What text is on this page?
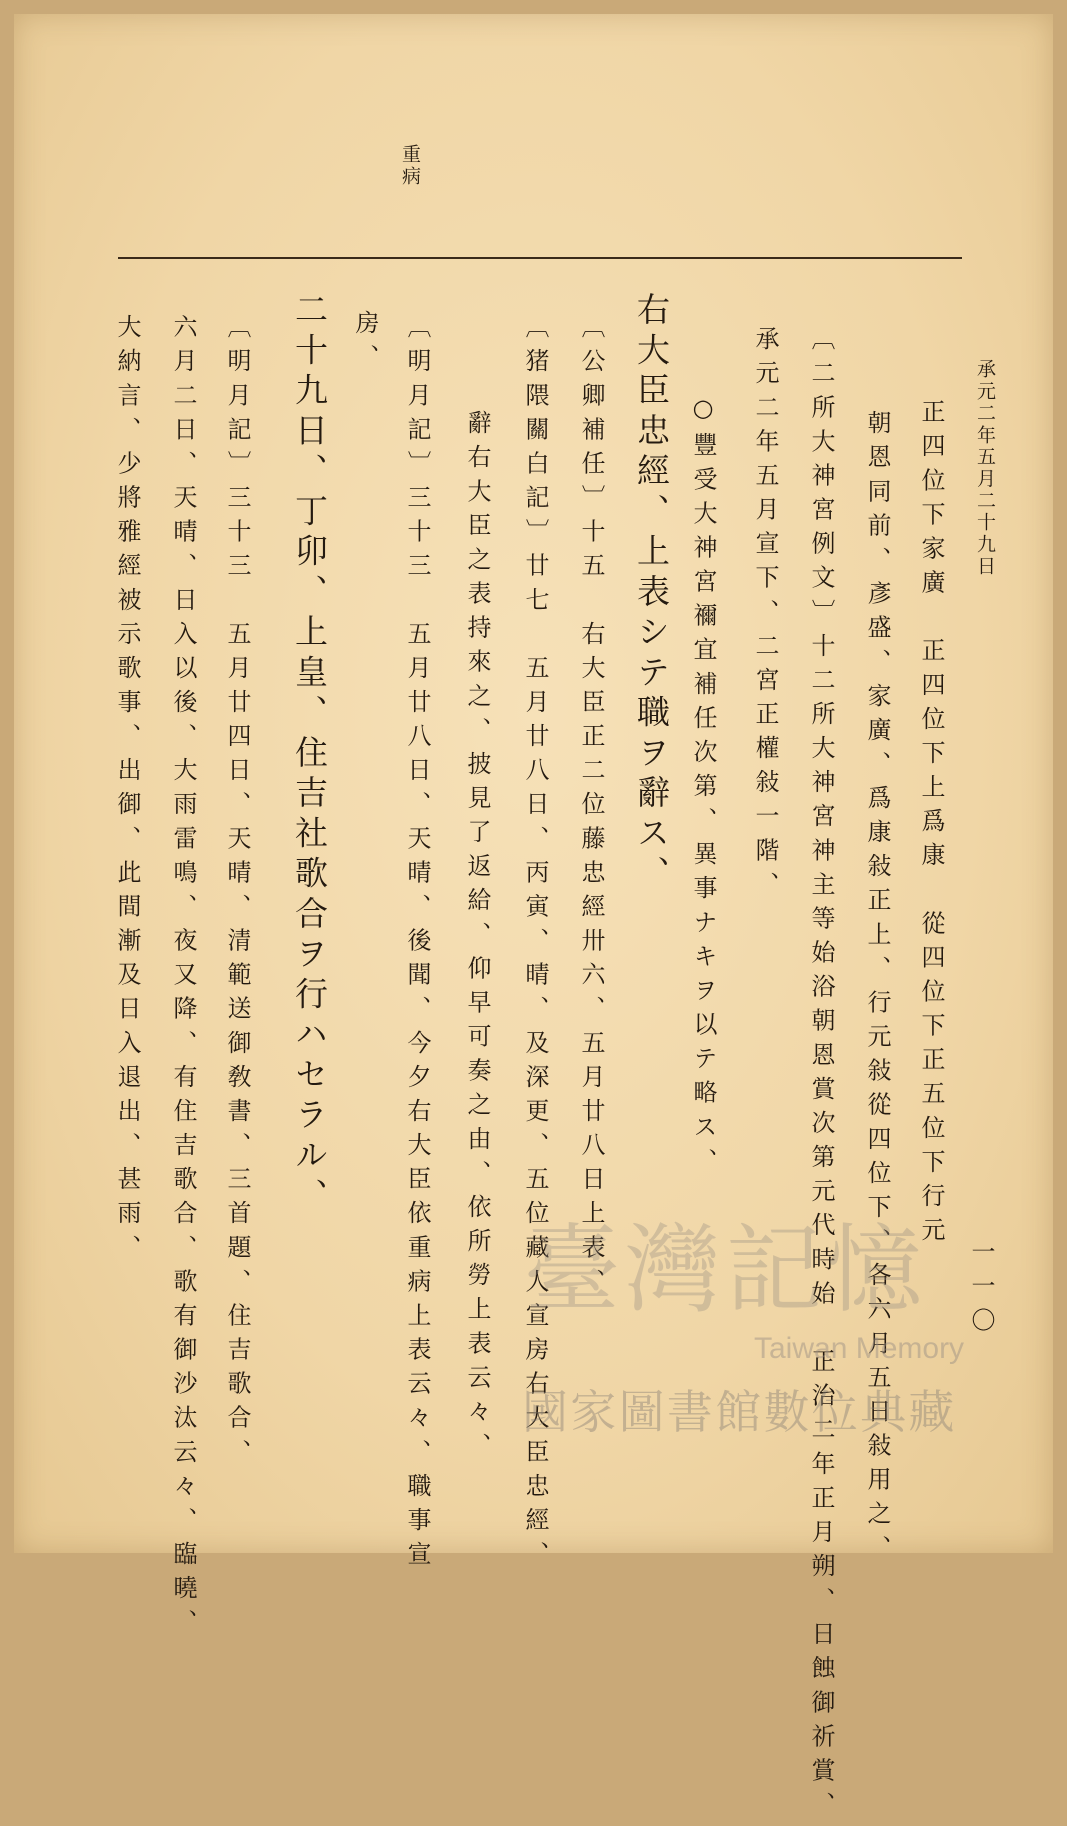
重病
承元二年五月二十九日
一一〇
正四位下家廣　正四位下上爲康　從四位下正五位下行元
朝恩同前、彥盛、家廣、爲康敍正上、行元敍從四位下、各六月五日敍用之、
〔二所大神宮例文〕十二所大神宮神主等始浴朝恩賞次第元代時始　正治二年正月朔、日蝕御祈賞、
承元二年五月宣下、二宮正權敍一階、
○豐受大神宮禰宜補任次第、異事ナキヲ以テ略ス、
右大臣忠經、上表シテ職ヲ辭ス、
〔公卿補任〕十五　右大臣正二位藤忠經卅六、五月廿八日上表、
〔猪隈關白記〕廿七　五月廿八日、丙寅、晴、及深更、五位藏人宣房右大臣忠經、
辭右大臣之表持來之、披見了返給、仰早可奏之由、依所勞上表云々、
〔明月記〕三十三　五月廿八日、天晴、後聞、今夕右大臣依重病上表云々、職事宣
房、
二十九日、丁卯、上皇、住吉社歌合ヲ行ハセラル、
〔明月記〕三十三　五月廿四日、天晴、清範送御敎書、三首題、住吉歌合、
六月二日、天晴、日入以後、大雨雷鳴、夜又降、有住吉歌合、歌有御沙汰云々、臨曉、
大納言、少將雅經被示歌事、出御、此間漸及日入退出、甚雨、
臺灣記憶
Taiwan Memory
國家圖書館數位典藏
